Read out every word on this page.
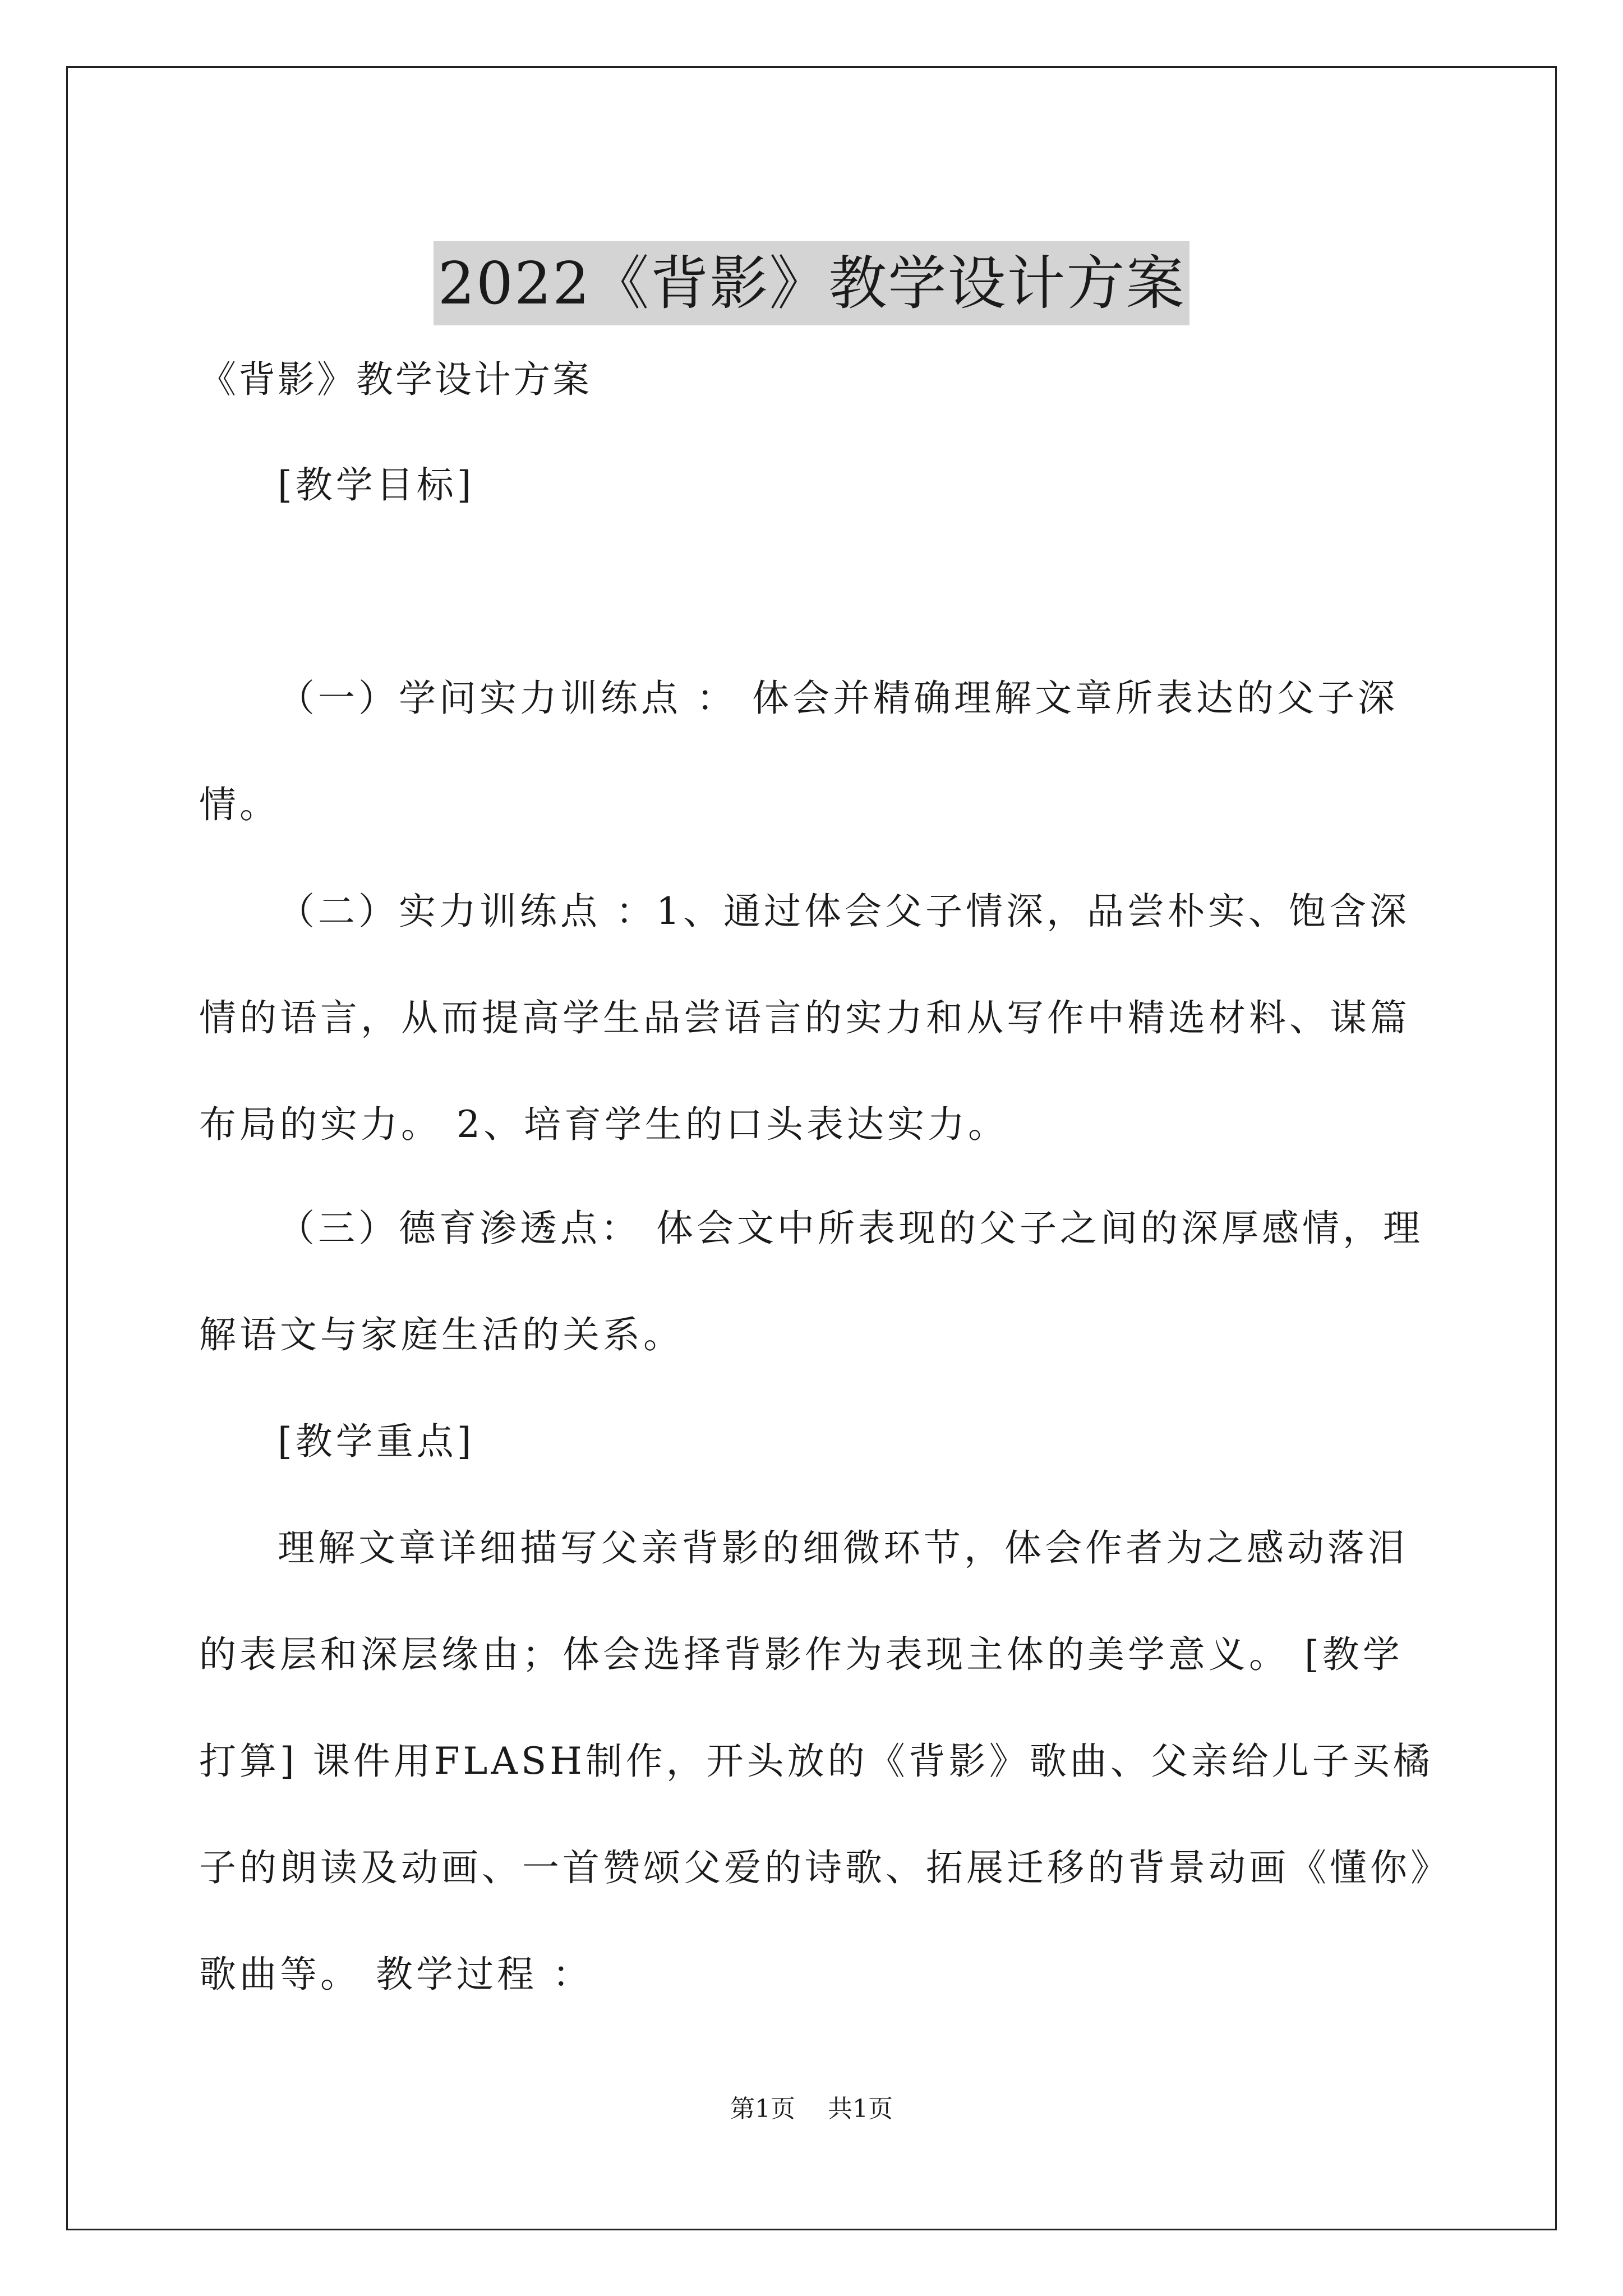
2022《背影》教学设计方案
《背影》教学设计方案
[教学目标]
（一）学问实力训练点 ： 体会并精确理解文章所表达的父子深
情。
（二）实力训练点 ：1、通过体会父子情深，品尝朴实、饱含深
情的语言，从而提高学生品尝语言的实力和从写作中精选材料、谋篇
布局的实力。 2、培育学生的口头表达实力。
（三）德育渗透点： 体会文中所表现的父子之间的深厚感情，理
解语文与家庭生活的关系。
[教学重点]
理解文章详细描写父亲背影的细微环节，体会作者为之感动落泪
的表层和深层缘由；体会选择背影作为表现主体的美学意义。 [教学
打算] 课件用FLASH制作，开头放的《背影》歌曲、父亲给儿子买橘
子的朗读及动画、一首赞颂父爱的诗歌、拓展迁移的背景动画《懂你》
歌曲等。 教学过程 ：
第1页 共1页
